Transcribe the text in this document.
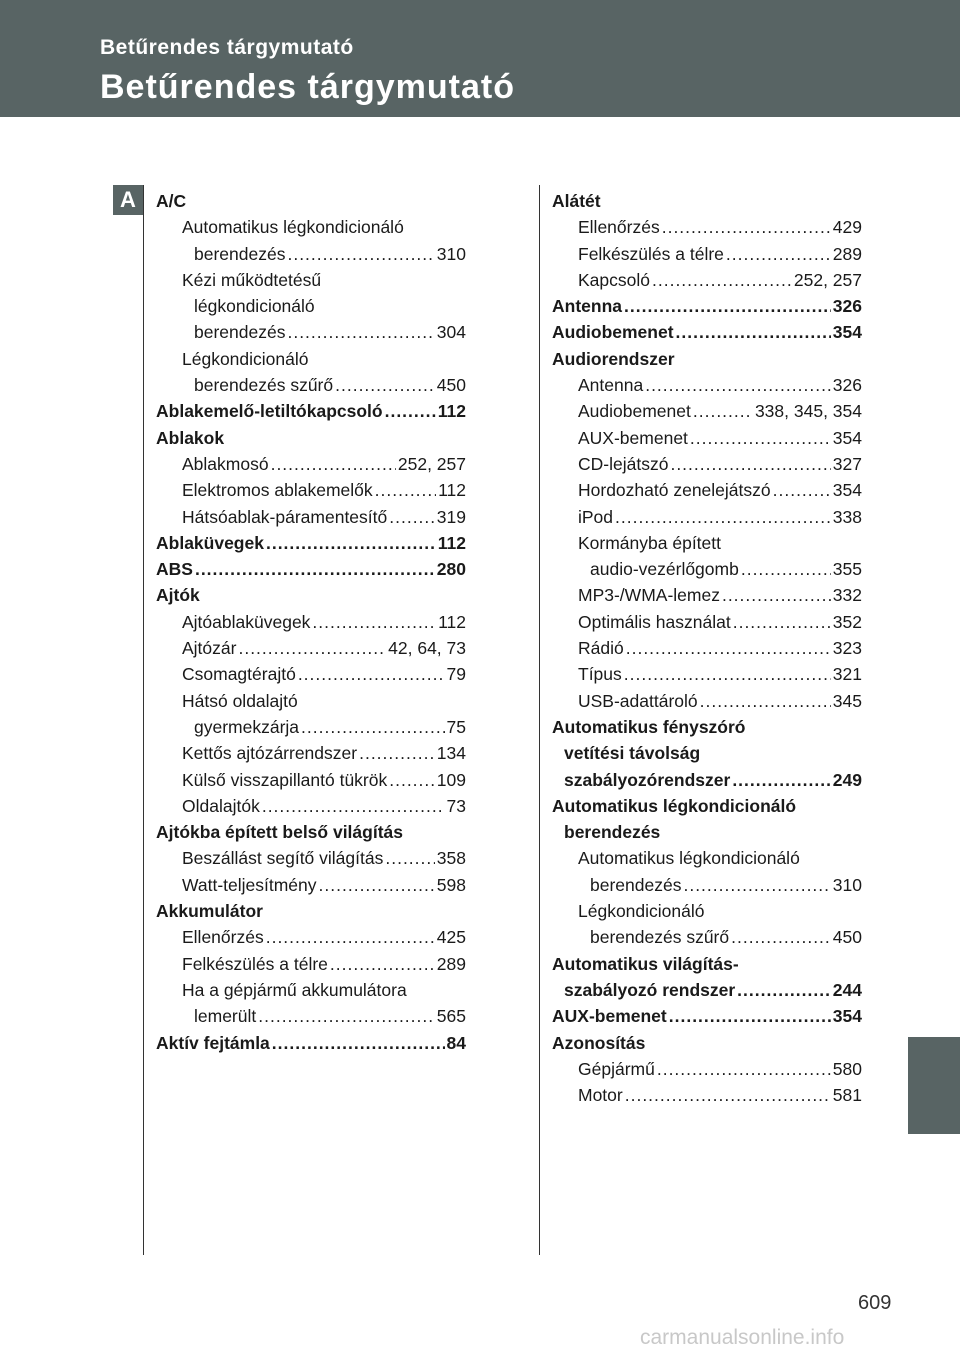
Betűrendes tárgymutató
Betűrendes tárgymutató
A	A/C
Automatikus légkondicionáló
berendezés .....	310
Kézi működtetésű
légkondicionáló
berendezés .....	304
Légkondicionáló
berendezés szűrő .....	450
Ablakemelő-letiltókapcsoló .....	112
Ablakok
Ablakmosó .....	252, 257
Elektromos ablakemelők .....	112
Hátsóablak-páramentesítő .....	319
Ablaküvegek .....	112
ABS .....	280
Ajtók
Ajtóablaküvegek .....	112
Ajtózár .....	42, 64, 73
Csomagtérajtó .....	79
Hátsó oldalajtó
gyermekzárja .....	75
Kettős ajtózárrendszer .....	134
Külső visszapillantó tükrök .....	109
Oldalajtók .....	73
Ajtókba épített belső világítás
Beszállást segítő világítás .....	358
Watt-teljesítmény .....	598
Akkumulátor
Ellenőrzés .....	425
Felkészülés a télre .....	289
Ha a gépjármű akkumulátora
lemerült .....	565
Aktív fejtámla .....	84
Alátét
Ellenőrzés .....	429
Felkészülés a télre .....	289
Kapcsoló .....	252, 257
Antenna .....	326
Audiobemenet .....	354
Audiorendszer
Antenna .....	326
Audiobemenet .....	338, 345, 354
AUX-bemenet .....	354
CD-lejátszó .....	327
Hordozható zenelejátszó .....	354
iPod .....	338
Kormányba épített
audio-vezérlőgomb .....	355
MP3-/WMA-lemez .....	332
Optimális használat .....	352
Rádió .....	323
Típus .....	321
USB-adattároló .....	345
Automatikus fényszóró
vetítési távolság
szabályozórendszer .....	249
Automatikus légkondicionáló
berendezés
Automatikus légkondicionáló
berendezés .....	310
Légkondicionáló
berendezés szűrő .....	450
Automatikus világítás-
szabályozó rendszer .....	244
AUX-bemenet .....	354
Azonosítás
Gépjármű .....	580
Motor .....	581
609
carmanualsonline.info
